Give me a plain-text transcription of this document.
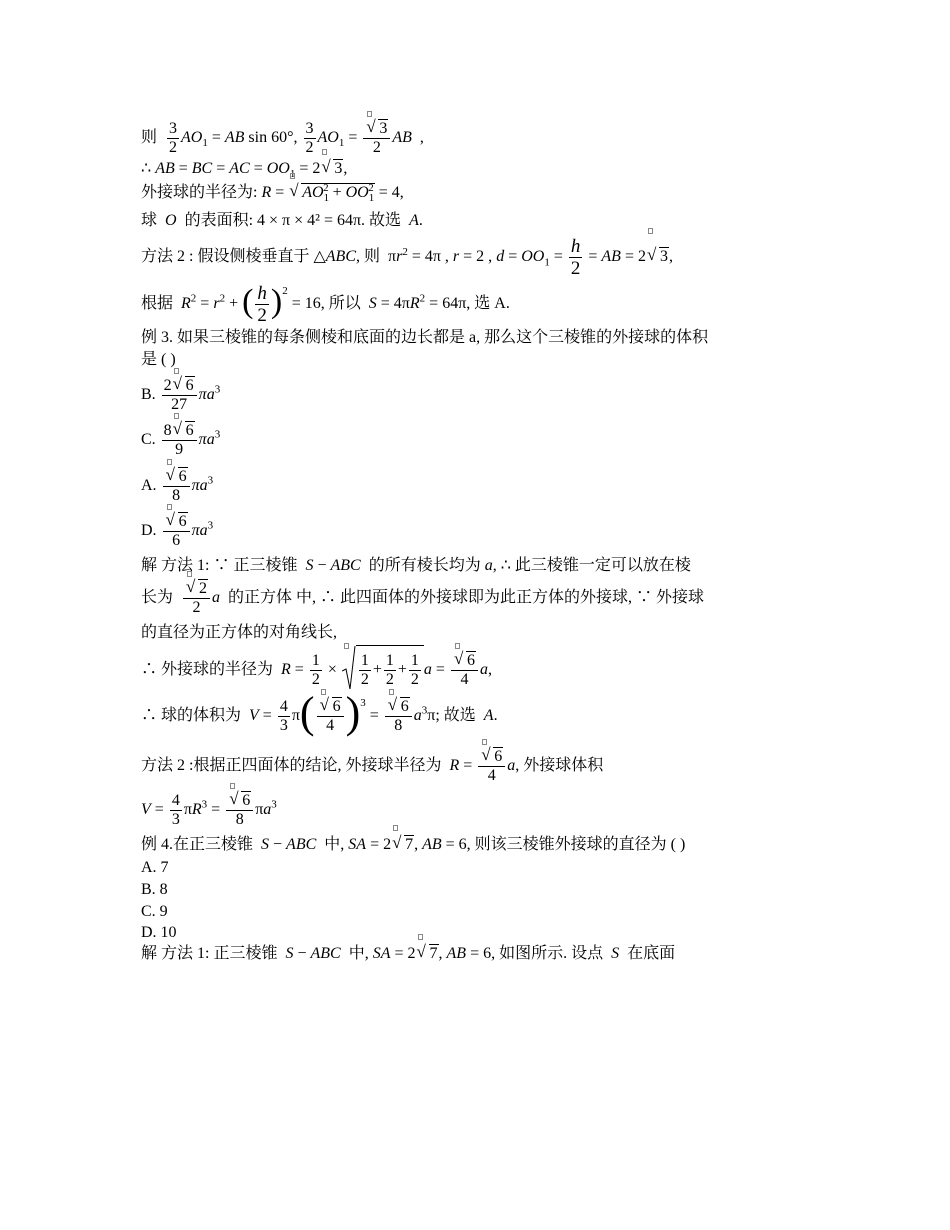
则 $\frac{3}{2} AO_1$ = AB sin 60°, $\frac{3}{2} AO_1$ =
√ $\frac{3}{2}$ AB  ,
∴ AB = BC = AC = $OO_1 = 2$
√ 3,
外接球的半径为: R =
√ $AO_1^2 + OO_1^2 = 4$,
球 O 的表面积: 4 × π × 4² = 64π. 故选 A.
方法 2 : 假设侧棱垂直于 △ABC, 则  $\pi r^2 = 4\pi$ , r = 2 , $d = OO_1 = \frac{h}{2}$ = AB = 2
√ 3,
根据 $R^2 = r^2$ + ( $\frac{h}{2} )^2 = 16$, 所以 $S = 4\pi R^2 = 64\pi$, 选 A.
例 3. 如果三棱锥的每条侧棱和底面的边长都是 a, 那么这个三棱锥的外接球的体积
是 ( )
B. 2
√ 6
27 $\pi a^3$
C. 8
√ 6
9 $\pi a^3$
A.
√ $\frac{6}{8} \pi a^3$
D.
√ $\frac{6}{6} \pi a^3$
解 方法 1: ∵ 正三棱锥 S − ABC 的所有棱长均为 a, ∴ 此三棱锥一定可以放在棱
长为
√ $\frac{2}{2}$ a 的正方体 中, ∴ 此四面体的外接球即为此正方体的外接球, ∵ 外接球
的直径为正方体的对角线长,
∴ 外接球的半径为 $R = \frac{1}{2} \times \frac{1}{2} + \frac{1}{2} + \frac{1}{2}$ a =
√ $\frac{6}{4} a$,
∴ 球的体积为 $V = \frac{4}{3} \pi$(
√ $\frac{6}{4} )^3$ =
√ $\frac{6}{8} a^3\pi$; 故选 A.
方法 2 :根据正四面体的结论, 外接球半径为 R =
√ $\frac{6}{4} a$, 外接球体积
$V = \frac{4}{3} \pi R^3$ =
√ $\frac{6}{8} \pi a^3$
例 4.在正三棱锥 S − ABC 中, SA = 2
√ 7, AB = 6, 则该三棱锥外接球的直径为 ( )
A. 7
B. 8
C. 9
D. 10
解 方法 1: 正三棱锥 S − ABC 中, SA = 2
√ 7, AB = 6, 如图所示. 设点 S 在底面
